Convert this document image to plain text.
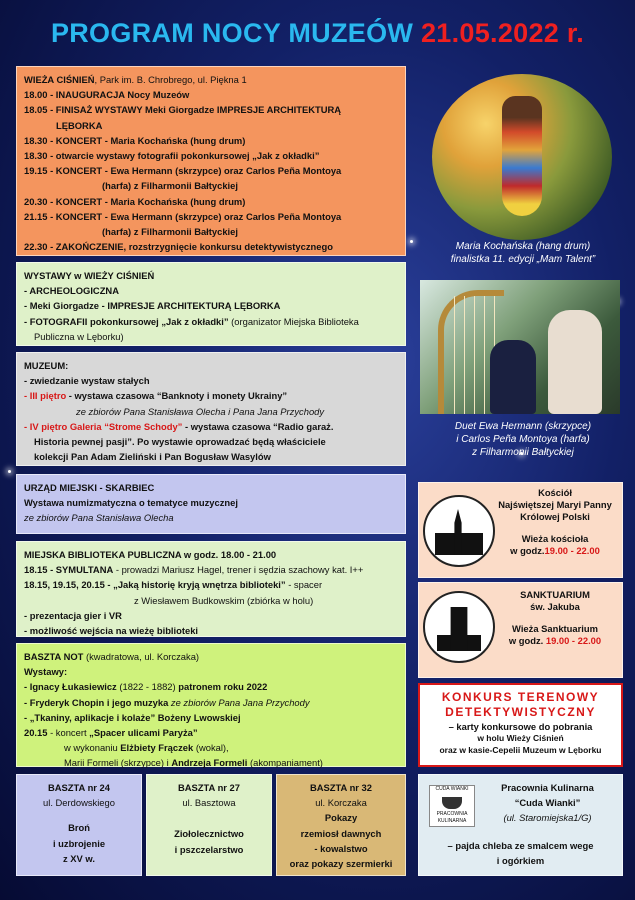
PROGRAM NOCY MUZEÓW 21.05.2022 r.
WIEŻA CIŚNIEŃ, Park im. B. Chrobrego, ul. Piękna 1
18.00 - INAUGURACJA Nocy Muzeów
18.05 - FINISAŻ WYSTAWY Meki Giorgadze IMPRESJE ARCHITEKTURĄ
LĘBORKA
18.30 - KONCERT - Maria Kochańska (hung drum)
18.30 - otwarcie wystawy fotografii pokonkursowej „Jak z okładki”
19.15 - KONCERT - Ewa Hermann (skrzypce) oraz Carlos Peña Montoya
(harfa) z Filharmonii Bałtyckiej
20.30 - KONCERT - Maria Kochańska (hung drum)
21.15 - KONCERT - Ewa Hermann (skrzypce) oraz Carlos Peña Montoya
(harfa) z Filharmonii Bałtyckiej
22.30 - ZAKOŃCZENIE, rozstrzygnięcie konkursu detektywistycznego
WYSTAWY w WIEŻY CIŚNIEŃ
- ARCHEOLOGICZNA
- Meki Giorgadze - IMPRESJE ARCHITEKTURĄ LĘBORKA
- FOTOGRAFII pokonkursowej „Jak z okładki” (organizator Miejska Biblioteka
Publiczna w Lęborku)
MUZEUM:
- zwiedzanie wystaw stałych
- III piętro - wystawa czasowa “Banknoty i monety Ukrainy”
ze zbiorów Pana Stanisława Olecha i Pana Jana Przychody
- IV piętro Galeria “Strome Schody” - wystawa czasowa “Radio garaż.
Historia pewnej pasji”. Po wystawie oprowadzać będą właściciele
kolekcji Pan Adam Zieliński i Pan Bogusław Wasylów
URZĄD MIEJSKI - SKARBIEC
Wystawa numizmatyczna o tematyce muzycznej
ze zbiorów Pana Stanisława Olecha
MIEJSKA BIBLIOTEKA PUBLICZNA w godz. 18.00 - 21.00
18.15 - SYMULTANA - prowadzi Mariusz Hagel, trener i sędzia szachowy kat. I++
18.15, 19.15, 20.15 - „Jaką historię kryją wnętrza biblioteki” - spacer
z Wiesławem Budkowskim (zbiórka w holu)
- prezentacja gier i VR
- możliwość wejścia na wieżę biblioteki
BASZTA NOT (kwadratowa, ul. Korczaka)
Wystawy:
- Ignacy Łukasiewicz (1822 - 1882) patronem roku 2022
- Fryderyk Chopin i jego muzyka ze zbiorów Pana Jana Przychody
- „Tkaniny, aplikacje i kolaże” Bożeny Lwowskiej
20.15 - koncert „Spacer ulicami Paryża”
w wykonaniu Elżbiety Frączek (wokal),
Marii Formeli (skrzypce) i Andrzeja Formeli (akompaniament)
BASZTA nr 24
ul. Derdowskiego
Broń
i uzbrojenie
z XV w.
BASZTA nr 27
ul. Basztowa
Ziołolecznictwo
i pszczelarstwo
BASZTA nr 32
ul. Korczaka
Pokazy
rzemiosł dawnych
- kowalstwo
oraz pokazy szermierki
Maria Kochańska (hang drum)
finalistka 11. edycji „Mam Talent”
Duet Ewa Hermann (skrzypce)
i Carlos Peña Montoya (harfa)
z Filharmonii Bałtyckiej
Kościół
Najświętszej Maryi Panny
Królowej Polski
Wieża kościoła
w godz.19.00 - 22.00
SANKTUARIUM
św. Jakuba
Wieża Sanktuarium
w godz. 19.00 - 22.00
KONKURS TERENOWY
DETEKTYWISTYCZNY
– karty konkursowe do pobrania
w holu Wieży Ciśnień
oraz w kasie-Cepelii Muzeum w Lęborku
CUDA WIANKI
PRACOWNIA KULINARNA
Pracownia Kulinarna
“Cuda Wianki”
(ul. Staromiejska1/G)
– pajda chleba ze smalcem wege
i ogórkiem
